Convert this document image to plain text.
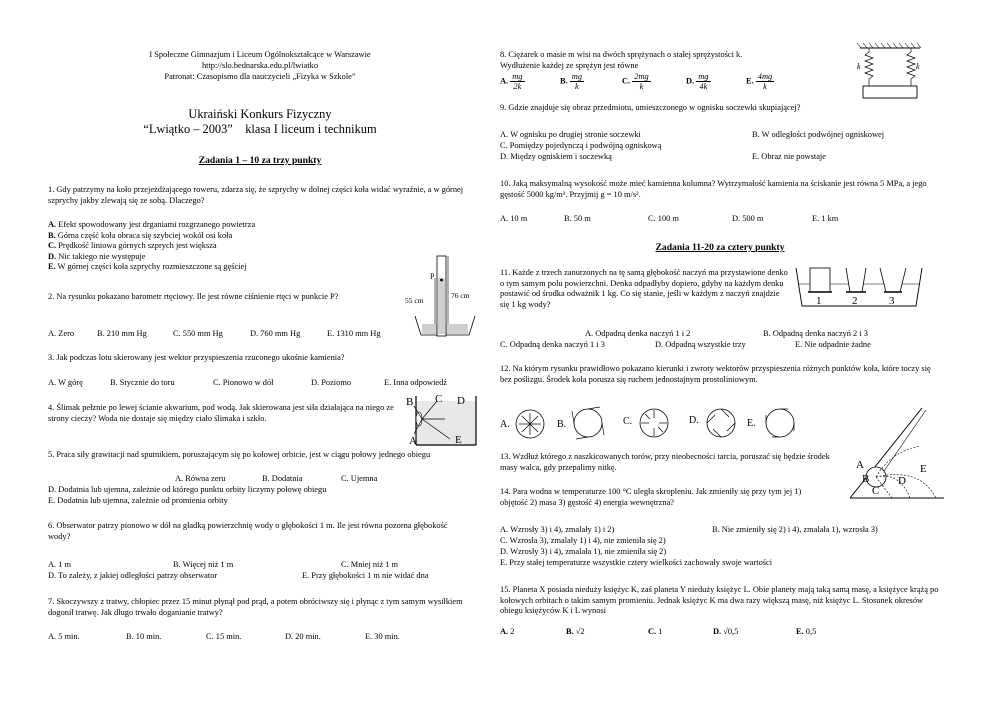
I Społeczne Gimnazjum i Liceum Ogólnokształcące w Warszawie
http://slo.bednarska.edu.pl/lwiatko
Patronat: Czasopismo dla nauczycieli „Fizyka w Szkole”
Ukraiński Konkurs Fizyczny
“Lwiątko – 2003”    klasa I liceum i technikum
Zadania 1 – 10 za trzy punkty
1. Gdy patrzymy na koło przejeżdżającego roweru, zdarza się, że szprychy w dolnej części koła widać wyraźnie, a w górnej szprychy jakby zlewają się ze sobą. Dlaczego?
A. Efekt spowodowany jest drganiami rozgrzanego powietrza
B. Górna część koła obraca się szybciej wokół osi koła
C. Prędkość liniowa górnych szprych jest większa
D. Nic takiego nie występuje
E. W górnej części koła szprychy rozmieszczone są gęściej
2. Na rysunku pokazano barometr rtęciowy. Ile jest równe ciśnienie rtęci w punkcie P?
A. Zero	B. 210 mm Hg	C. 550 mm Hg	D. 760 mm Hg	E. 1310 mm Hg
P
55 cm
76 cm
3. Jak podczas lotu skierowany jest wektor przyspieszenia rzuconego ukośnie kamienia?
A. W górę	B. Stycznie do toru	C. Pionowo w dół	D. Poziomo	E. Inna odpowiedź
4. Ślimak pełznie po lewej ścianie akwarium, pod wodą. Jak skierowana jest siła działająca na niego ze strony cieczy? Woda nie dostaje się między ciało ślimaka i szkło.
B C D
A	E
5. Praca siły grawitacji nad sputnikiem, poruszającym się po kołowej orbicie, jest w ciągu połowy jednego obiegu
A. Równa zeru	B. Dodatnia	C. Ujemna
D. Dodatnia lub ujemna, zależnie od którego punktu orbity liczymy połowę obiegu
E. Dodatnia lub ujemna, zależnie od promienia orbity
6. Obserwator patrzy pionowo w dół na gładką powierzchnię wody o głębokości 1 m. Ile jest równa pozorna głębokość wody?
A. 1 m	B. Więcej niż 1 m	C. Mniej niż 1 m
D. To zależy, z jakiej odległości patrzy obserwator	E. Przy głębokości 1 m nie widać dna
7. Skoczywszy z tratwy, chłopiec przez 15 minut płynął pod prąd, a potem obróciwszy się i płynąc z tym samym wysiłkiem dogonił tratwę. Jak długo trwało doganianie tratwy?
A. 5 min.	B. 10 min.	C. 15 min.	D. 20 min.	E. 30 min.
8. Ciężarek o masie m wisi na dwóch sprężynach o stałej sprężystości k.
Wydłużenie każdej ze sprężyn jest równe
A. $\frac{mg}{2k}$	B. $\frac{mg}{k}$	C. $\frac{2mg}{k}$	D. $\frac{mg}{4k}$	E. $\frac{4mg}{k}$
k	k
9. Gdzie znajduje się obraz przedmiotu, umieszczonego w ognisku soczewki skupiającej?
A. W ognisku po drugiej stronie soczewki	B. W odległości podwójnej ogniskowej
C. Pomiędzy pojedynczą i podwójną ogniskową
D. Między ogniskiem i soczewką	E. Obraz nie powstaje
10. Jaką maksymalną wysokość może mieć kamienna kolumna? Wytrzymałość kamienia na ściskanie jest równa 5 MPa, a jego gęstość 5000 kg/m³. Przyjmij g = 10 m/s².
A. 10 m	B. 50 m	C. 100 m	D. 500 m	E. 1 km
Zadania 11-20 za cztery punkty
11. Każde z trzech zanurzonych na tę samą głębokość naczyń ma przystawione denko o tym samym polu powierzchni. Denka odpadłyby dopiero, gdyby na każdym denku postawić od środka odważnik 1 kg. Co się stanie, jeśli w każdym z naczyń znajdzie się 1 kg wody?	1	2	3
A. Odpadną denka naczyń 1 i 2	B. Odpadną denka naczyń 2 i 3
C. Odpadną denka naczyń 1 i 3	D. Odpadną wszystkie trzy	E. Nie odpadnie żadne
12. Na którym rysunku prawidłowo pokazano kierunki i zwroty wektorów przyspieszenia różnych punktów koła, które toczy się bez poślizgu. Środek koła porusza się ruchem jednostajnym prostoliniowym.
A.	B.	C.	D.	E.
13. Wzdłuż którego z naszkicowanych torów, przy nieobecności tarcia, poruszać się będzie środek masy walca, gdy przepalimy nitkę.	A
B
C
D
E
14. Para wodna w temperaturze 100 °C uległa skropleniu. Jak zmieniły się przy tym jej 1) objętość 2) masa 3) gęstość 4) energia wewnętrzna?
A. Wzrosły 3) i 4), zmalały 1) i 2)	B. Nie zmieniły się 2) i 4), zmalała 1), wzrosła 3)
C. Wzrosła 3), zmalały 1) i 4), nie zmieniła się 2)
D. Wzrosły 3) i 4), zmalała 1), nie zmieniła się 2)
E. Przy stałej temperaturze wszystkie cztery wielkości zachowały swoje wartości
15. Planeta X posiada nieduży księżyc K, zaś planeta Y nieduży księżyc L. Obie planety mają taką samą masę, a księżyce krążą po kołowych orbitach o takim samym promieniu. Jednak księżyc K ma dwa razy większą masę, niż księżyc L. Stosunek okresów obiegu księżyców K i L wynosi
A. 2	B. √2	C. 1	D. √0,5	E. 0,5
